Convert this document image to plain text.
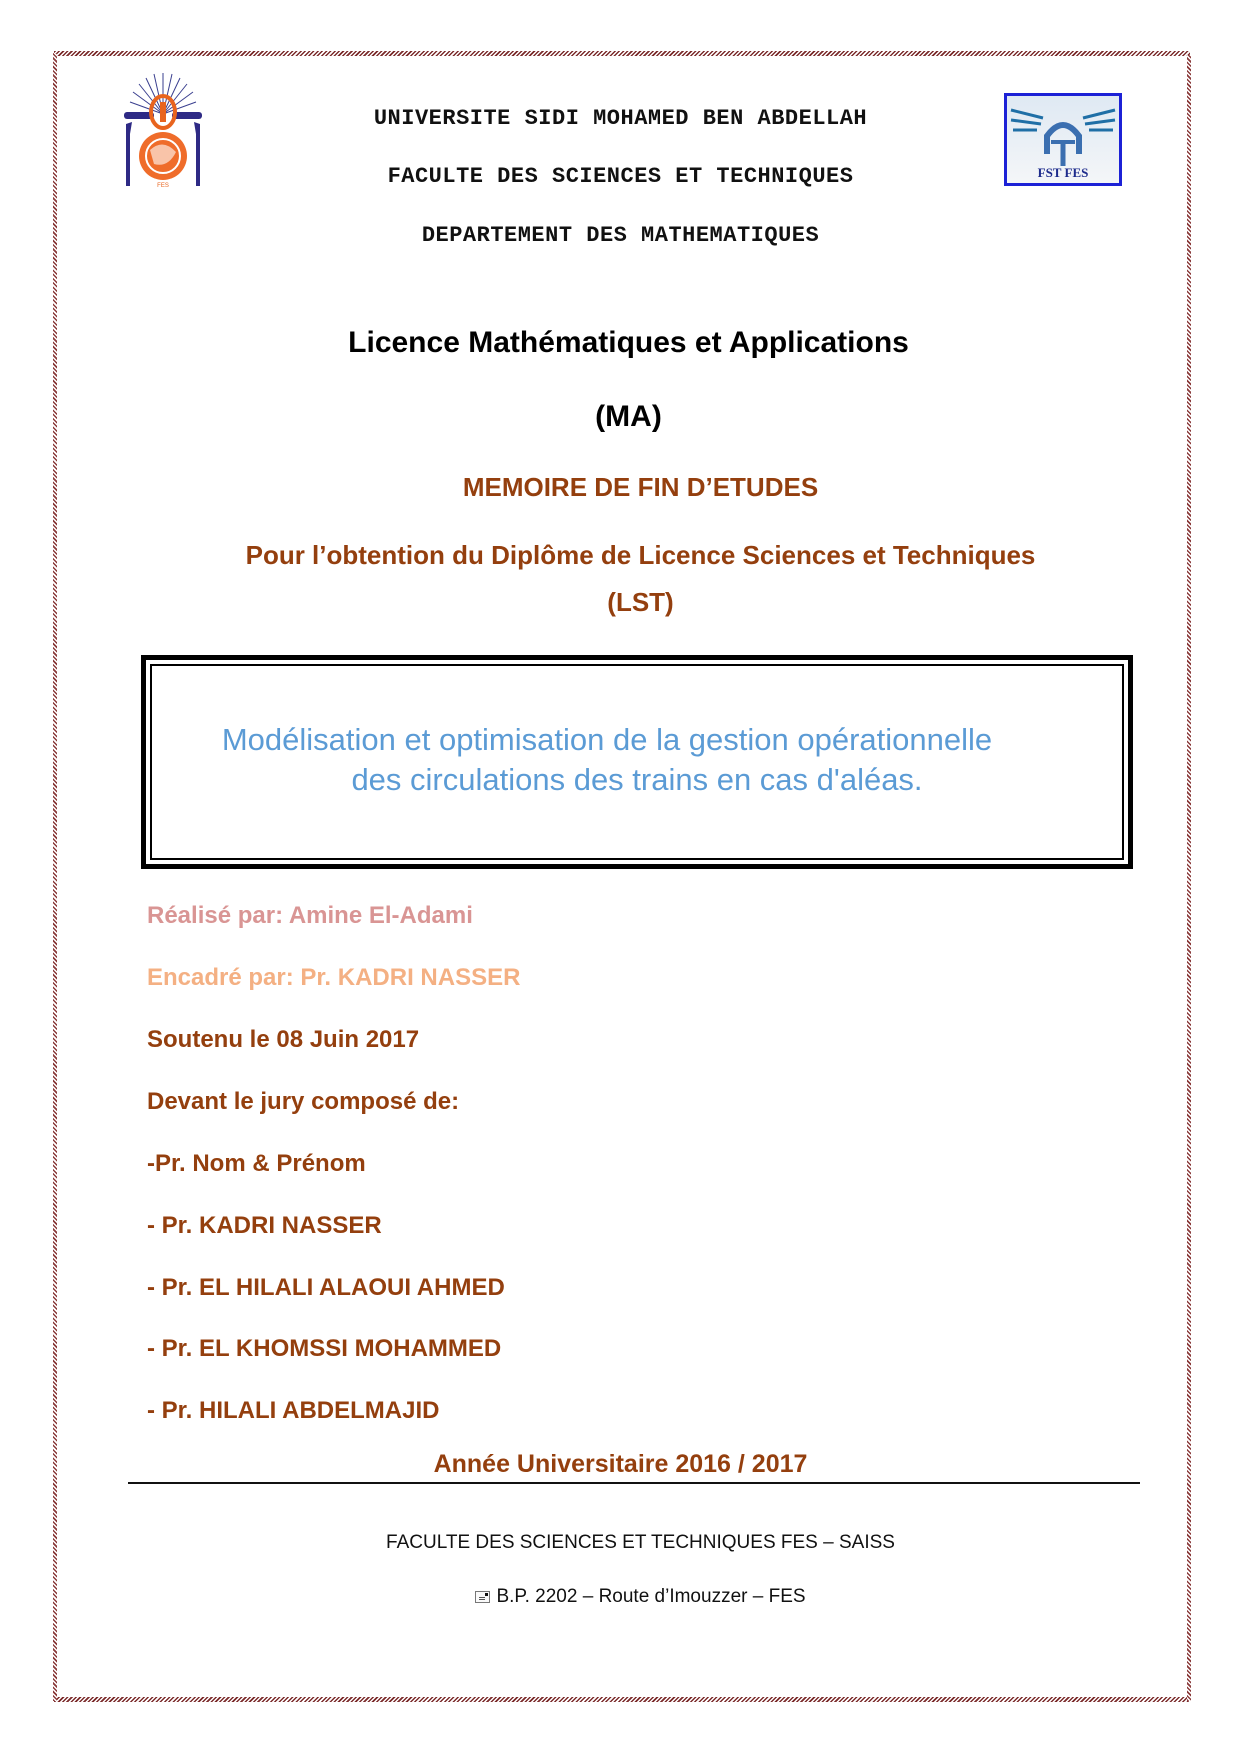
FES
FST FES
UNIVERSITE SIDI MOHAMED BEN ABDELLAH
FACULTE DES SCIENCES ET TECHNIQUES
DEPARTEMENT DES MATHEMATIQUES
Licence Mathématiques et Applications
(MA)
MEMOIRE DE FIN D’ETUDES
Pour l’obtention du Diplôme de Licence Sciences et Techniques
(LST)
Modélisation et optimisation de la gestion opérationnelle
des circulations des trains en cas d'aléas.
Réalisé par: Amine El-Adami
Encadré par: Pr. KADRI NASSER
Soutenu le 08 Juin 2017
Devant le jury composé de:
-Pr. Nom & Prénom
- Pr. KADRI NASSER
- Pr. EL HILALI ALAOUI AHMED
- Pr. EL KHOMSSI MOHAMMED
- Pr. HILALI ABDELMAJID
Année Universitaire 2016 / 2017
FACULTE DES SCIENCES ET TECHNIQUES FES – SAISS
B.P. 2202 – Route d’Imouzzer – FES
